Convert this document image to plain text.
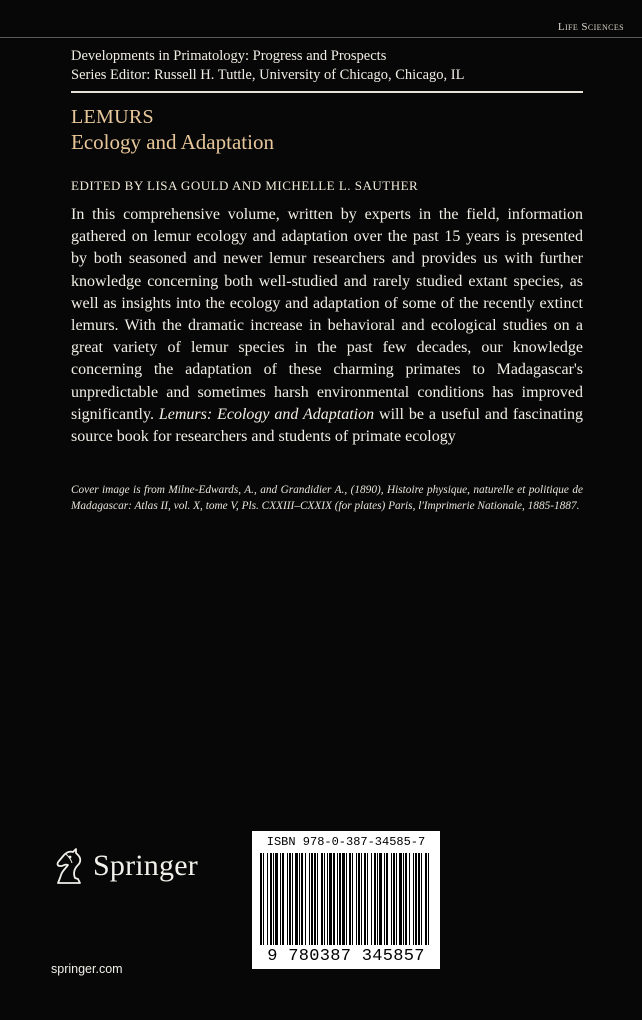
Life Sciences
Developments in Primatology: Progress and Prospects
Series Editor: Russell H. Tuttle, University of Chicago, Chicago, IL
LEMURS
Ecology and Adaptation
EDITED BY LISA GOULD AND MICHELLE L. SAUTHER
In this comprehensive volume, written by experts in the field, information gathered on lemur ecology and adaptation over the past 15 years is presented by both seasoned and newer lemur researchers and provides us with further knowledge concerning both well-studied and rarely studied extant species, as well as insights into the ecology and adaptation of some of the recently extinct lemurs. With the dramatic increase in behavioral and ecological studies on a great variety of lemur species in the past few decades, our knowledge concerning the adaptation of these charming primates to Madagascar's unpredictable and sometimes harsh environmental conditions has improved significantly. Lemurs: Ecology and Adaptation will be a useful and fascinating source book for researchers and students of primate ecology
Cover image is from Milne-Edwards, A., and Grandidier A., (1890), Histoire physique, naturelle et politique de Madagascar: Atlas II, vol. X, tome V, Pls. CXXIII–CXXIX (for plates) Paris, l'Imprimerie Nationale, 1885-1887.
Springer
springer.com
ISBN 978-0-387-34585-7
9 780387 345857
